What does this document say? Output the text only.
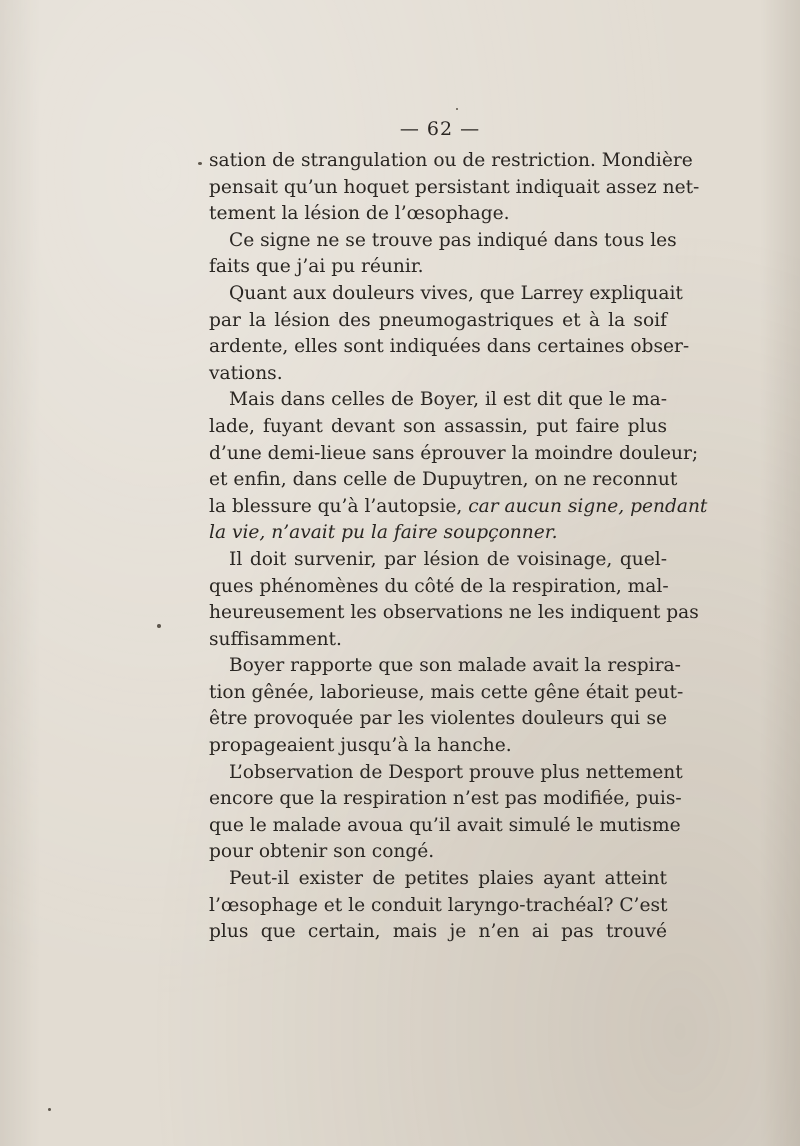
— 62 —
sation de strangulation ou de restriction. Mondière
pensait qu’un hoquet persistant indiquait assez net-
tement la lésion de l’œsophage.
Ce signe ne se trouve pas indiqué dans tous les
faits que j’ai pu réunir.
Quant aux douleurs vives, que Larrey expliquait
par la lésion des pneumogastriques et à la soif
ardente, elles sont indiquées dans certaines obser-
vations.
Mais dans celles de Boyer, il est dit que le ma-
lade, fuyant devant son assassin, put faire plus
d’une demi-lieue sans éprouver la moindre douleur;
et enfin, dans celle de Dupuytren, on ne reconnut
la blessure qu’à l’autopsie, car aucun signe, pendant
la vie, n’avait pu la faire soupçonner.
Il doit survenir, par lésion de voisinage, quel-
ques phénomènes du côté de la respiration, mal-
heureusement les observations ne les indiquent pas
suffisamment.
Boyer rapporte que son malade avait la respira-
tion gênée, laborieuse, mais cette gêne était peut-
être provoquée par les violentes douleurs qui se
propageaient jusqu’à la hanche.
L’observation de Desport prouve plus nettement
encore que la respiration n’est pas modifiée, puis-
que le malade avoua qu’il avait simulé le mutisme
pour obtenir son congé.
Peut-il exister de petites plaies ayant atteint
l’œsophage et le conduit laryngo-trachéal? C’est
plus que certain, mais je n’en ai pas trouvé
